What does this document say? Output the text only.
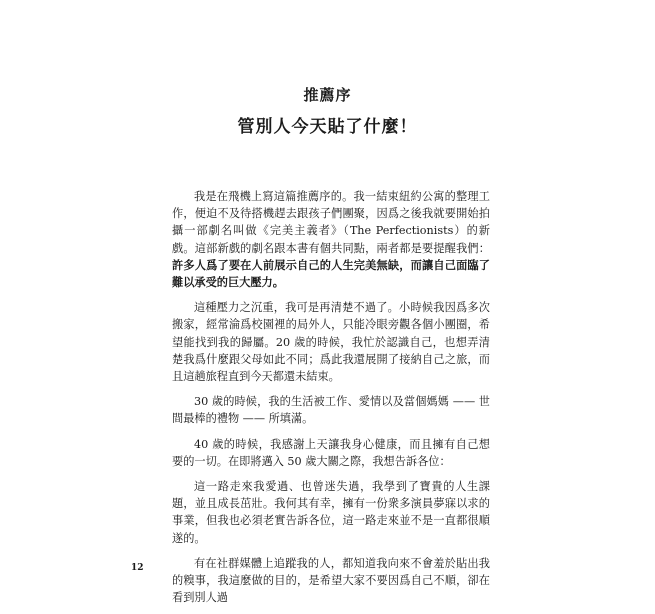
推薦序
管別人今天貼了什麼！

我是在飛機上寫這篇推薦序的。我一結束紐約公寓的整理工作，便迫不及待搭機趕去跟孩子們團聚，因爲之後我就要開始拍攝一部劇名叫做《完美主義者》（The Perfectionists）的新戲。這部新戲的劇名跟本書有個共同點，兩者都是要提醒我們：許多人爲了要在人前展示自己的人生完美無缺，而讓自己面臨了難以承受的巨大壓力。

這種壓力之沉重，我可是再清楚不過了。小時候我因爲多次搬家，經常淪爲校園裡的局外人，只能冷眼旁觀各個小團圈，希望能找到我的歸屬。20 歲的時候，我忙於認識自己，也想弄清楚我爲什麼跟父母如此不同；爲此我還展開了接納自己之旅，而且這趟旅程直到今天都還未結束。

30 歲的時候，我的生活被工作、愛情以及當個媽媽 —— 世間最棒的禮物 —— 所填滿。

40 歲的時候，我感謝上天讓我身心健康，而且擁有自己想要的一切。在即將邁入 50 歲大關之際，我想告訴各位：

這一路走來我愛過、也曾迷失過，我學到了寶貴的人生課題，並且成長茁壯。我何其有幸，擁有一份衆多演員夢寐以求的事業，但我也必須老實告訴各位，這一路走來並不是一直都很順遂的。

有在社群媒體上追蹤我的人，都知道我向來不會羞於貼出我的糗事，我這麼做的目的，是希望大家不要因爲自己不順，卻在看到別人過

12
